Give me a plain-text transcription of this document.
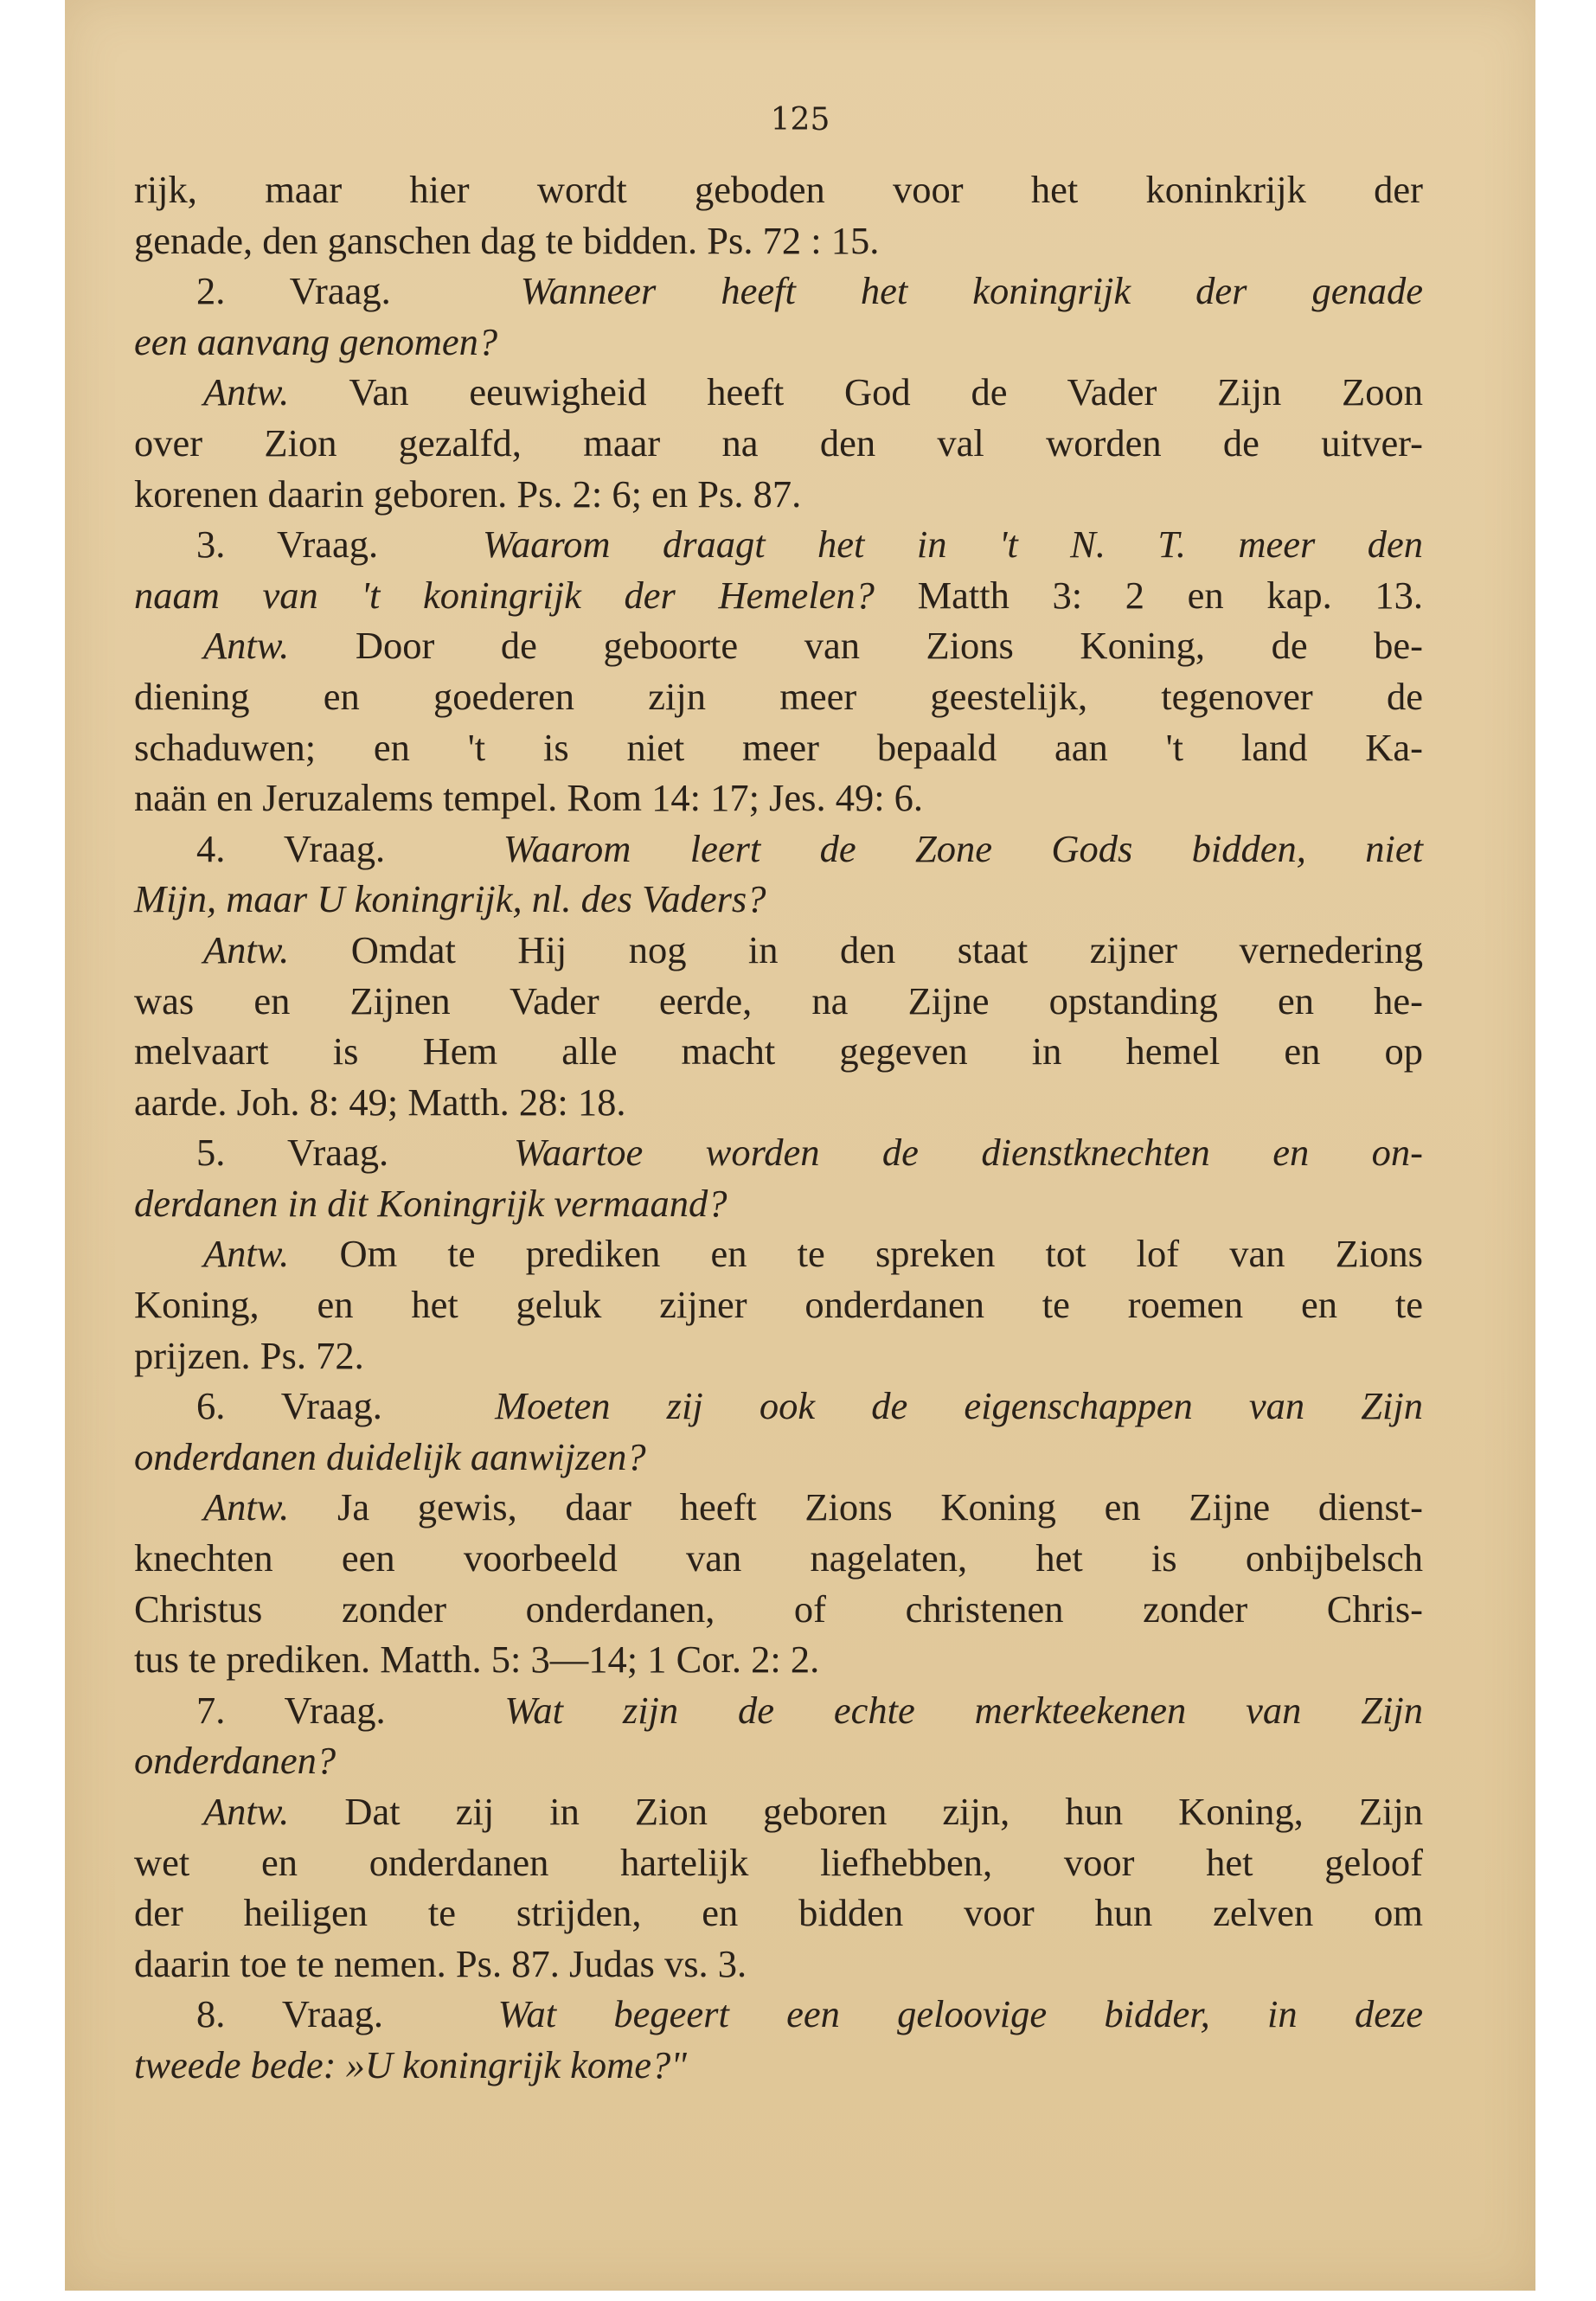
125
rijk, maar hier wordt geboden voor het koninkrijk der
genade, den ganschen dag te bidden. Ps. 72 : 15.
2. Vraag.	Wanneer heeft het koningrijk der genade
een aanvang genomen?
Antw. Van eeuwigheid heeft God de Vader Zijn Zoon
over Zion gezalfd, maar na den val worden de uitver-
korenen daarin geboren. Ps. 2: 6; en Ps. 87.
3. Vraag.	Waarom draagt het in 't N. T. meer den
naam van 't koningrijk der Hemelen? Matth 3: 2 en kap. 13.
Antw. Door de geboorte van Zions Koning, de be-
diening en goederen zijn meer geestelijk, tegenover de
schaduwen; en 't is niet meer bepaald aan 't land Ka-
naän en Jeruzalems tempel. Rom 14: 17; Jes. 49: 6.
4. Vraag.	Waarom leert de Zone Gods bidden, niet
Mijn, maar U koningrijk, nl. des Vaders?
Antw. Omdat Hij nog in den staat zijner vernedering
was en Zijnen Vader eerde, na Zijne opstanding en he-
melvaart is Hem alle macht gegeven in hemel en op
aarde. Joh. 8: 49; Matth. 28: 18.
5. Vraag.	Waartoe worden de dienstknechten en on-
derdanen in dit Koningrijk vermaand?
Antw. Om te prediken en te spreken tot lof van Zions
Koning, en het geluk zijner onderdanen te roemen en te
prijzen. Ps. 72.
6. Vraag.	Moeten zij ook de eigenschappen van Zijn
onderdanen duidelijk aanwijzen?
Antw. Ja gewis, daar heeft Zions Koning en Zijne dienst-
knechten een voorbeeld van nagelaten, het is onbijbelsch
Christus zonder onderdanen, of christenen zonder Chris-
tus te prediken. Matth. 5: 3—14; 1 Cor. 2: 2.
7. Vraag.	Wat zijn de echte merkteekenen van Zijn
onderdanen?
Antw. Dat zij in Zion geboren zijn, hun Koning, Zijn
wet en onderdanen hartelijk liefhebben, voor het geloof
der heiligen te strijden, en bidden voor hun zelven om
daarin toe te nemen. Ps. 87. Judas vs. 3.
8. Vraag.	Wat begeert een geloovige bidder, in deze
tweede bede: »U koningrijk kome?"
